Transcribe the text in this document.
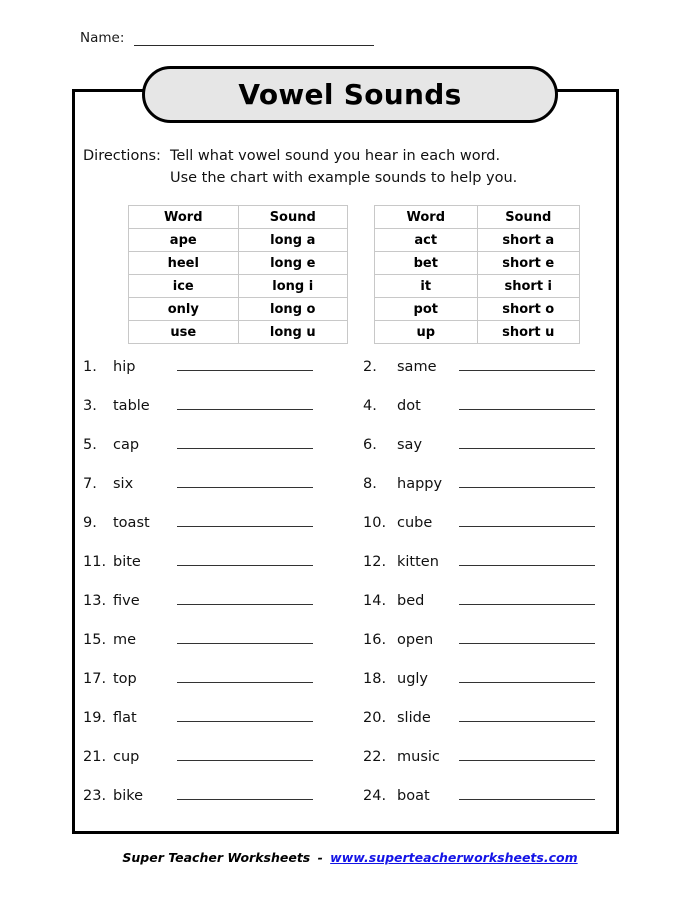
Name:
Vowel Sounds
Directions: Tell what vowel sound you hear in each word.
Use the chart with example sounds to help you.
Word	Sound
ape	long a
heel	long e
ice	long i
only	long o
use	long u
Word	Sound
act	short a
bet	short e
it	short i
pot	short o
up	short u
1.	hip	2.	same
3.	table	4.	dot
5.	cap	6.	say
7.	six	8.	happy
9.	toast	10. cube
11. bite	12. kitten
13. five	14. bed
15. me	16. open
17. top	18. ugly
19. flat	20. slide
21. cup	22. music
23. bike	24. boat
Super Teacher Worksheets - www.superteacherworksheets.com
